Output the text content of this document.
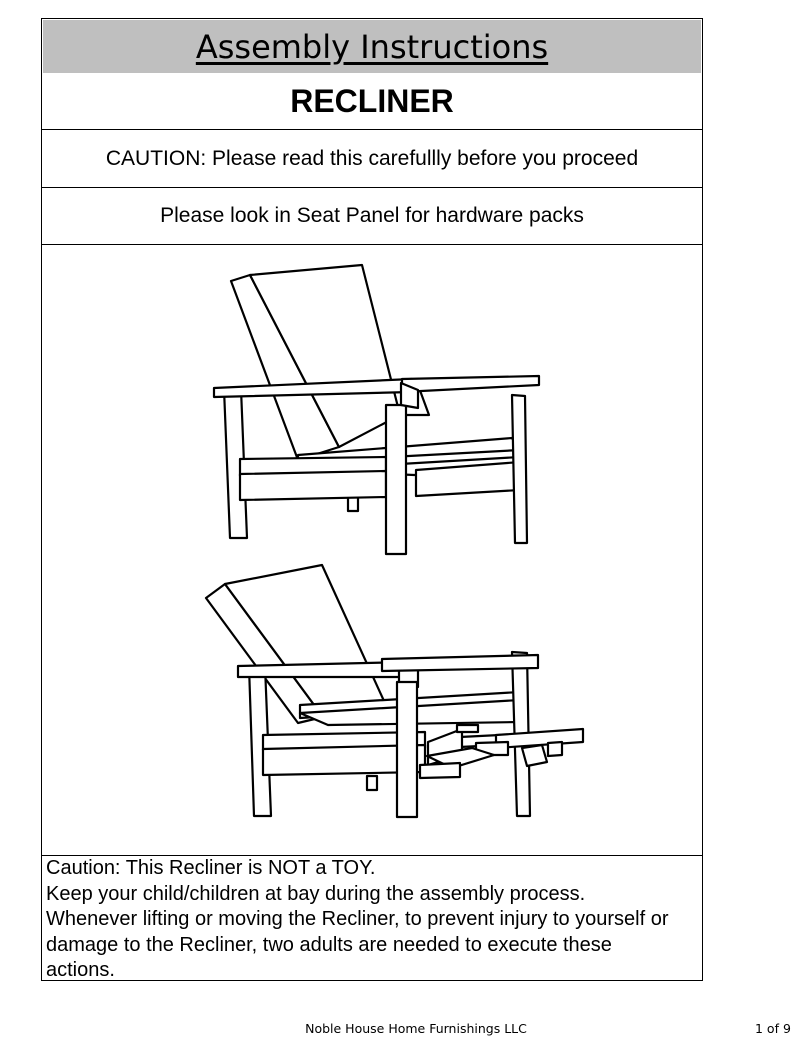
Assembly Instructions
RECLINER
CAUTION: Please read this carefullly before you proceed
Please look in Seat Panel for hardware packs
Caution: This Recliner is NOT a TOY.
Keep your child/children at bay during the assembly process.
Whenever lifting or moving the Recliner, to prevent injury to yourself or
damage to the Recliner, two adults are needed to execute these
actions.
Noble House Home Furnishings LLC	1 of 9
